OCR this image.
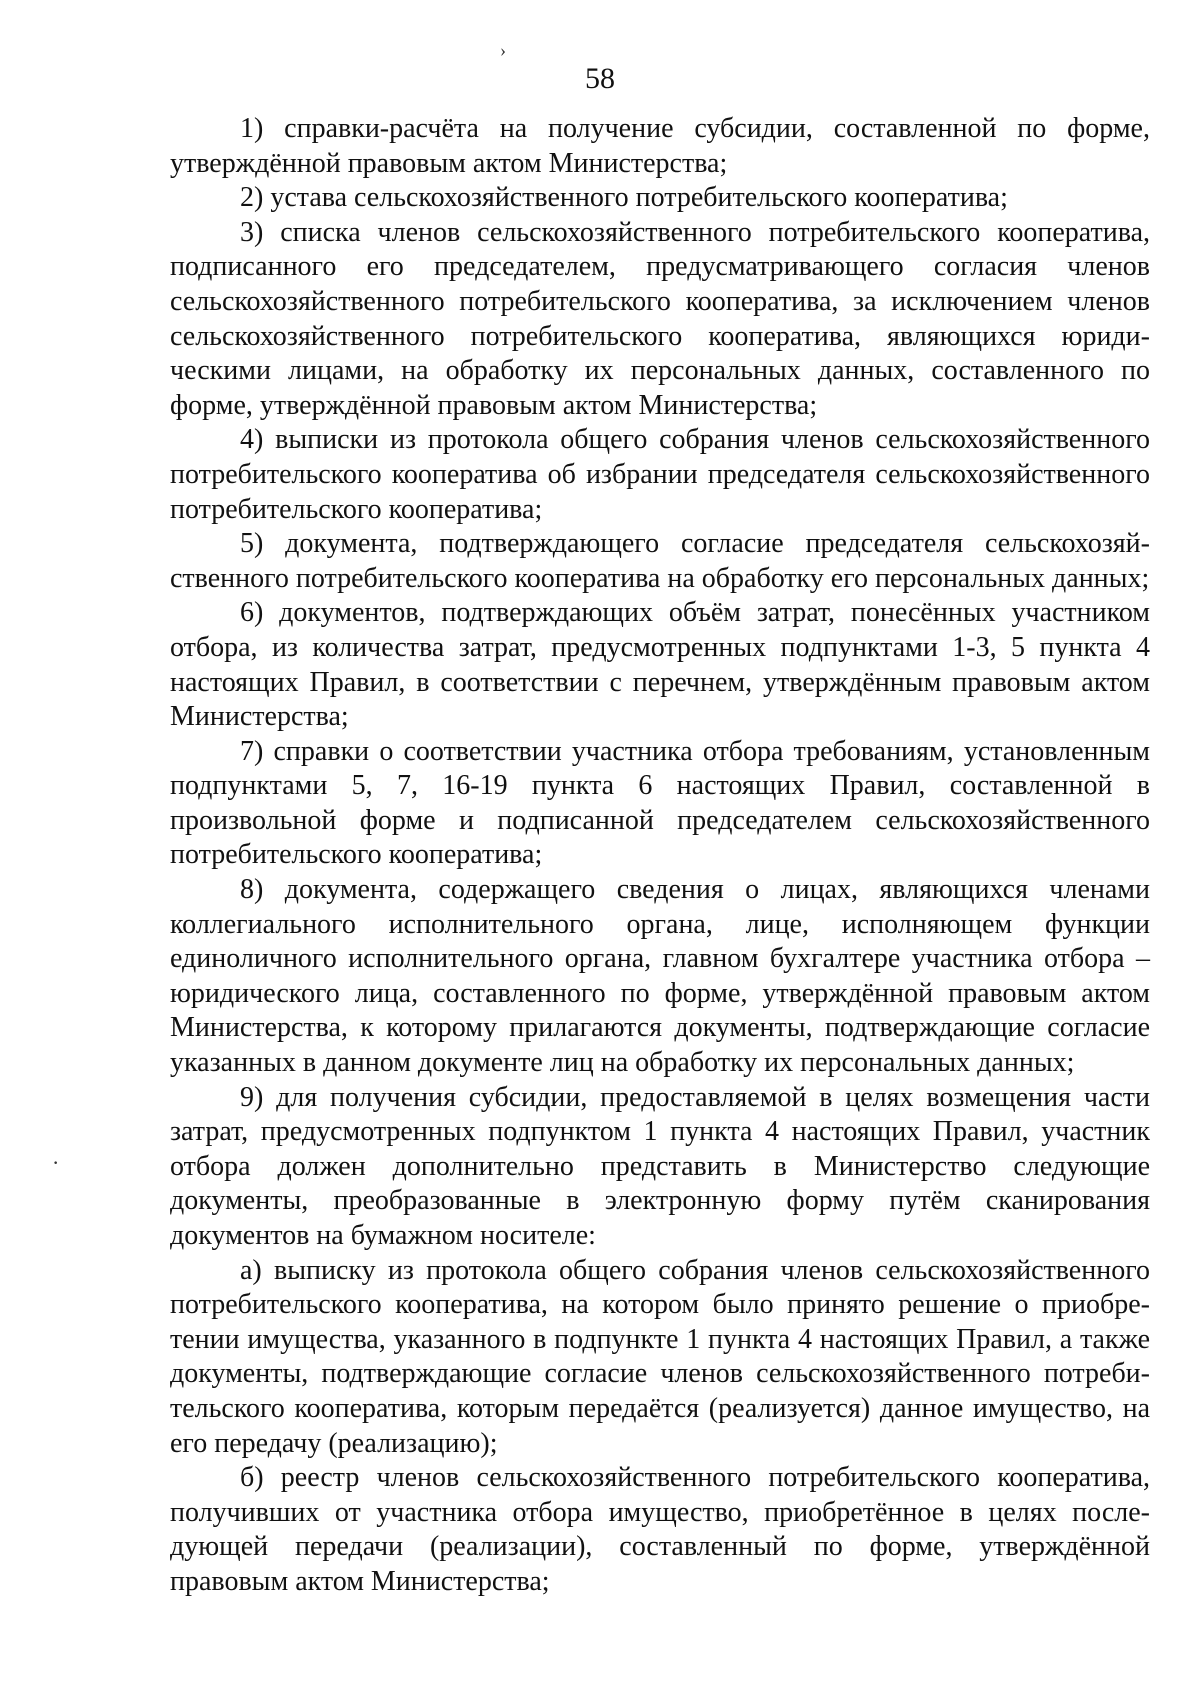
›
·
58

1) справки-расчёта на получение субсидии, составленной по форме, утверждённой правовым актом Министерства;

2) устава сельскохозяйственного потребительского кооператива;

3) списка членов сельскохозяйственного потребительского кооператива, подписанного его председателем, предусматривающего согласия членов сельскохозяйственного потребительского кооператива, за исключением членов сельскохозяйственного потребительского кооператива, являющихся юридическими лицами, на обработку их персональных данных, составленного по форме, утверждённой правовым актом Министерства;

4) выписки из протокола общего собрания членов сельскохозяйственного потребительского кооператива об избрании председателя сельскохозяйственного потребительского кооператива;

5) документа, подтверждающего согласие председателя сельскохозяйственного потребительского кооператива на обработку его персональных данных;

6) документов, подтверждающих объём затрат, понесённых участником отбора, из количества затрат, предусмотренных подпунктами 1-3, 5 пункта 4 настоящих Правил, в соответствии с перечнем, утверждённым правовым актом Министерства;

7) справки о соответствии участника отбора требованиям, установленным подпунктами 5, 7, 16-19 пункта 6 настоящих Правил, составленной в произвольной форме и подписанной председателем сельскохозяйственного потребительского кооператива;

8) документа, содержащего сведения о лицах, являющихся членами коллегиального исполнительного органа, лице, исполняющем функции единоличного исполнительного органа, главном бухгалтере участника отбора – юридического лица, составленного по форме, утверждённой правовым актом Министерства, к которому прилагаются документы, подтверждающие согласие указанных в данном документе лиц на обработку их персональных данных;

9) для получения субсидии, предоставляемой в целях возмещения части затрат, предусмотренных подпунктом 1 пункта 4 настоящих Правил, участник отбора должен дополнительно представить в Министерство следующие документы, преобразованные в электронную форму путём сканирования документов на бумажном носителе:

а) выписку из протокола общего собрания членов сельскохозяйственного потребительского кооператива, на котором было принято решение о приобретении имущества, указанного в подпункте 1 пункта 4 настоящих Правил, а также документы, подтверждающие согласие членов сельскохозяйственного потребительского кооператива, которым передаётся (реализуется) данное имущество, на его передачу (реализацию);

б) реестр членов сельскохозяйственного потребительского кооператива, получивших от участника отбора имущество, приобретённое в целях последующей передачи (реализации), составленный по форме, утверждённой правовым актом Министерства;
